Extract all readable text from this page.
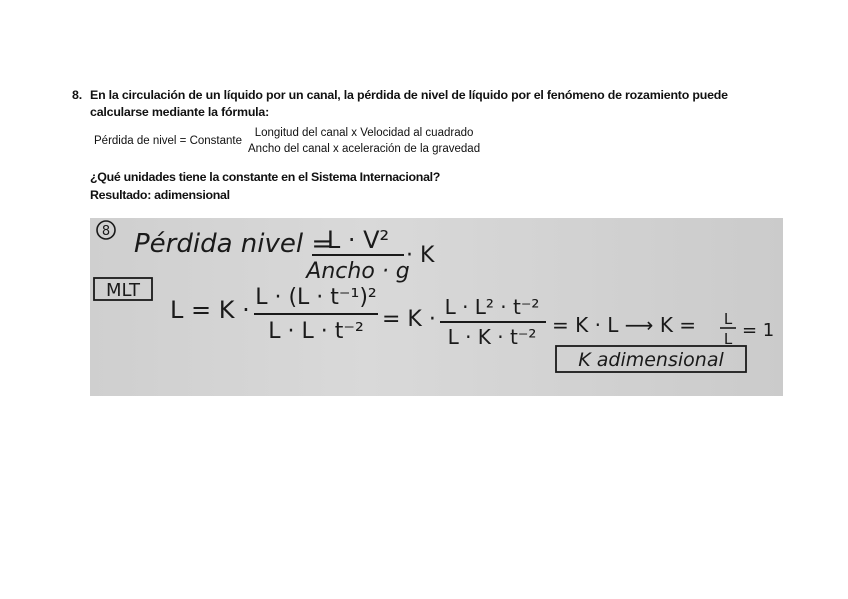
8. En la circulación de un líquido por un canal, la pérdida de nivel de líquido por el fenómeno de rozamiento puede calcularse mediante la fórmula:
Pérdida de nivel = Constante
Longitud del canal x Velocidad al cuadrado
Ancho del canal x aceleración de la gravedad
¿Qué unidades tiene la constante en el Sistema Internacional?
Resultado: adimensional
8 Pérdida nivel =
L · V²
Ancho · g
· K
MLT
L = K · L · (L · t⁻¹)²
L · L · t⁻² = K · L · L² · t⁻²
L · K · t⁻² = K · L ⟶ K = L
L = 1
K adimensional
